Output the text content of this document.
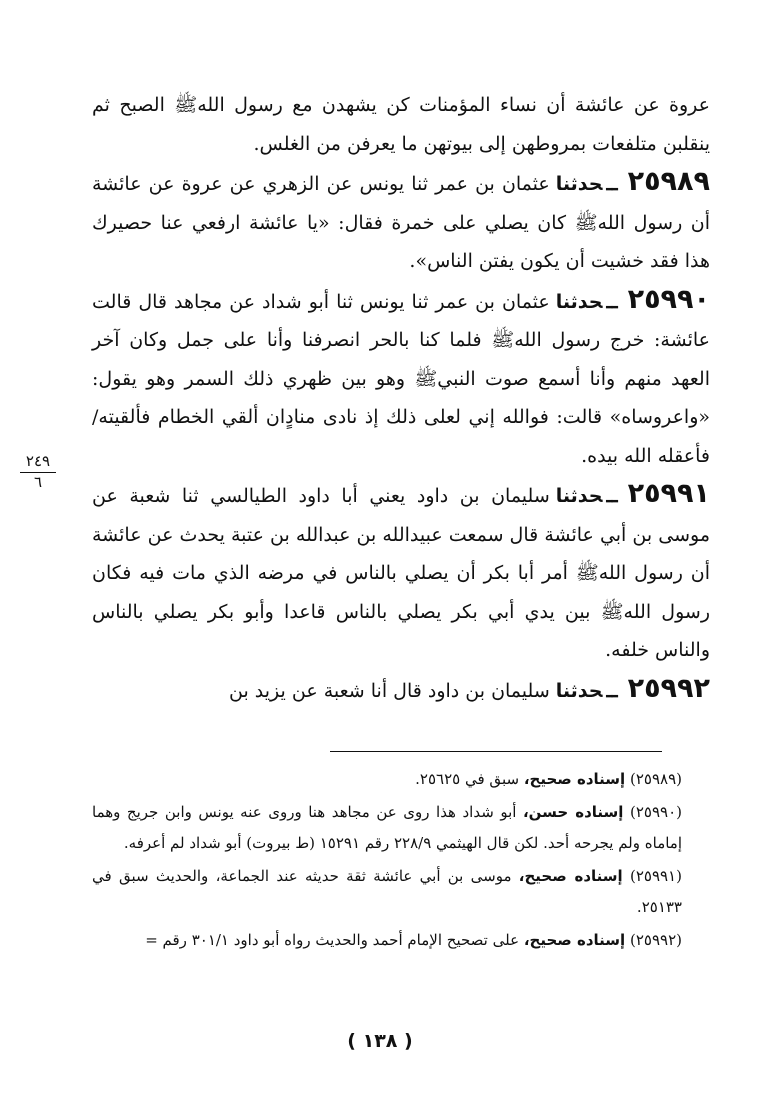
عروة عن عائشة أن نساء المؤمنات كن يشهدن مع رسول اللهﷺ الصبح ثم ينقلبن متلفعات بمروطهن إلى بيوتهن ما يعرفن من الغلس.

٢٥٩٨٩ــحدثناعثمان بن عمر ثنا يونس عن الزهري عن عروة عن عائشة أن رسول اللهﷺ كان يصلي على خمرة فقال: «يا عائشة ارفعي عنا حصيرك هذا فقد خشيت أن يكون يفتن الناس».

٢٥٩٩٠ــحدثناعثمان بن عمر ثنا يونس ثنا أبو شداد عن مجاهد قال قالت عائشة: خرج رسول اللهﷺ فلما كنا بالحر انصرفنا وأنا على جمل وكان آخر العهد منهم وأنا أسمع صوت النبيﷺ وهو بين ظهري ذلك السمر وهو يقول: «واعروساه» قالت: فوالله إني لعلى ذلك إذ نادى منادٍان ألقي الخطام فألقيته/ فأعقله الله بيده.

٢٥٩٩١ــحدثناسليمان بن داود يعني أبا داود الطيالسي ثنا شعبة عن موسى بن أبي عائشة قال سمعت عبيدالله بن عبدالله بن عتبة يحدث عن عائشة أن رسول اللهﷺ أمر أبا بكر أن يصلي بالناس في مرضه الذي مات فيه فكان رسول اللهﷺ بين يدي أبي بكر يصلي بالناس قاعدا وأبو بكر يصلي بالناس والناس خلفه.

٢٥٩٩٢ــحدثناسليمان بن داود قال أنا شعبة عن يزيد بن

٢٤٩
٦

(٢٥٩٨٩) إسناده صحيح، سبق في ٢٥٦٢٥.

(٢٥٩٩٠) إسناده حسن، أبو شداد هذا روى عن مجاهد هنا وروى عنه يونس وابن جريج وهما إماماه ولم يجرحه أحد. لكن قال الهيثمي ٢٢٨/٩ رقم ١٥٢٩١ (ط بيروت) أبو شداد لم أعرفه.

(٢٥٩٩١) إسناده صحيح، موسى بن أبي عائشة ثقة حديثه عند الجماعة، والحديث سبق في ٢٥١٣٣.

(٢٥٩٩٢) إسناده صحيح، على تصحيح الإمام أحمد والحديث رواه أبو داود ٣٠١/١ رقم =

( ١٣٨ )
